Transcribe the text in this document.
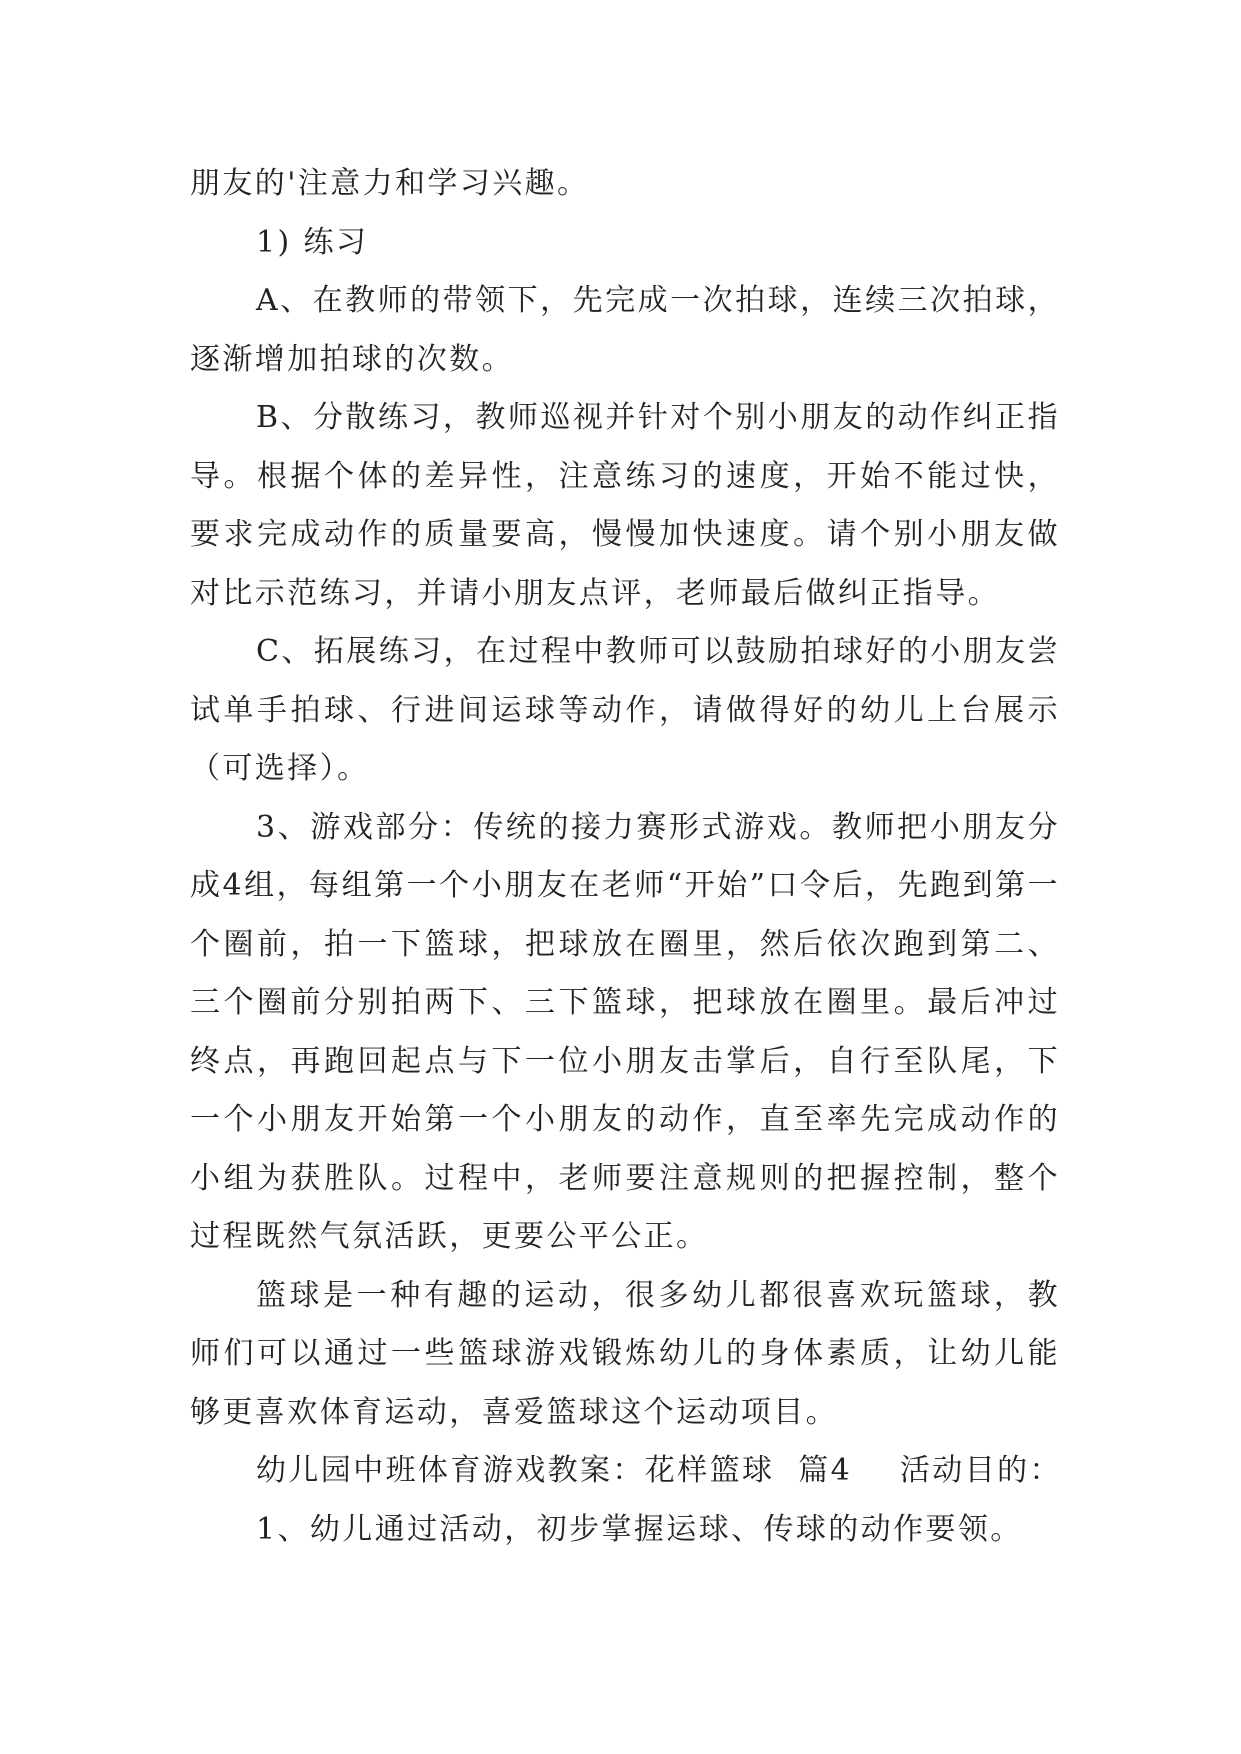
朋友的'注意力和学习兴趣。

1) 练习

A、在教师的带领下，先完成一次拍球，连续三次拍球，逐渐增加拍球的次数。

B、分散练习，教师巡视并针对个别小朋友的动作纠正指导。根据个体的差异性，注意练习的速度，开始不能过快，要求完成动作的质量要高，慢慢加快速度。请个别小朋友做对比示范练习，并请小朋友点评，老师最后做纠正指导。

C、拓展练习，在过程中教师可以鼓励拍球好的小朋友尝试单手拍球、行进间运球等动作，请做得好的幼儿上台展示（可选择）。

3、游戏部分：传统的接力赛形式游戏。教师把小朋友分成4组，每组第一个小朋友在老师“开始”口令后，先跑到第一个圈前，拍一下篮球，把球放在圈里，然后依次跑到第二、三个圈前分别拍两下、三下篮球，把球放在圈里。最后冲过终点，再跑回起点与下一位小朋友击掌后，自行至队尾，下一个小朋友开始第一个小朋友的动作，直至率先完成动作的小组为获胜队。过程中，老师要注意规则的把握控制，整个过程既然气氛活跃，更要公平公正。

篮球是一种有趣的运动，很多幼儿都很喜欢玩篮球，教师们可以通过一些篮球游戏锻炼幼儿的身体素质，让幼儿能够更喜欢体育运动，喜爱篮球这个运动项目。

幼儿园中班体育游戏教案：花样篮球  篇4    活动目的：

1、幼儿通过活动，初步掌握运球、传球的动作要领。
